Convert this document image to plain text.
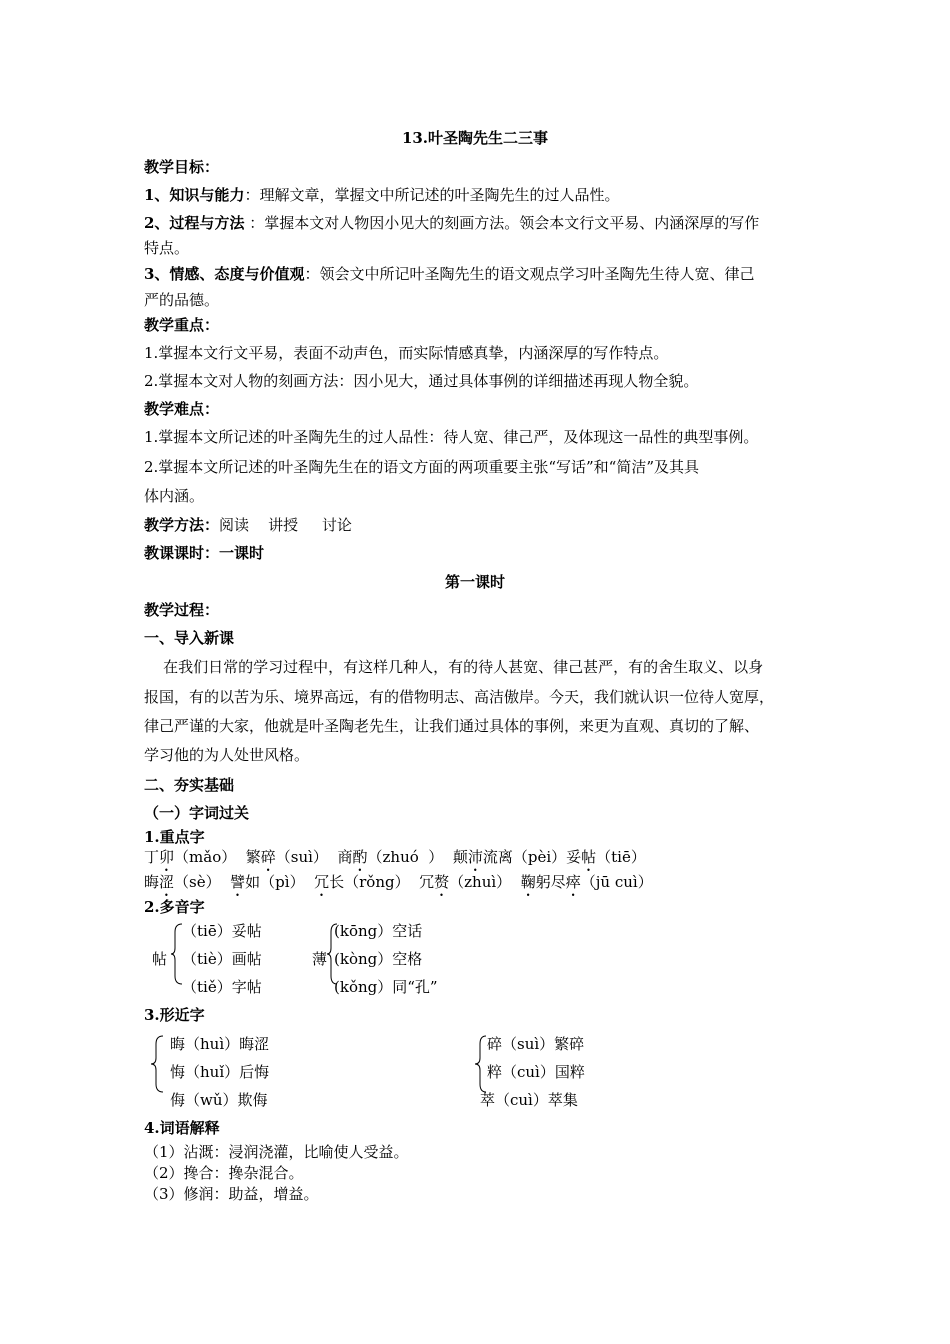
13.叶圣陶先生二三事
教学目标：
1、知识与能力：理解文章，掌握文中所记述的叶圣陶先生的过人品性。
2、过程与方法 ：掌握本文对人物因小见大的刻画方法。领会本文行文平易、内涵深厚的写作
特点。
3、情感、态度与价值观：领会文中所记叶圣陶先生的语文观点学习叶圣陶先生待人宽、律己
严的品德。
教学重点：
1.掌握本文行文平易，表面不动声色，而实际情感真挚，内涵深厚的写作特点。
2.掌握本文对人物的刻画方法：因小见大，通过具体事例的详细描述再现人物全貌。
教学难点：
1.掌握本文所记述的叶圣陶先生的过人品性：待人宽、律己严，及体现这一品性的典型事例。
2.掌握本文所记述的叶圣陶先生在的语文方面的两项重要主张“写话”和“简洁”及其具
体内涵。
教学方法：阅读    讲授     讨论
教课课时：一课时
第一课时
教学过程：
一、导入新课
在我们日常的学习过程中，有这样几种人，有的待人甚宽、律己甚严，有的舍生取义、以身
报国，有的以苦为乐、境界高远，有的借物明志、高洁傲岸。今天，我们就认识一位待人宽厚，
律己严谨的大家，他就是叶圣陶老先生，让我们通过具体的事例，来更为直观、真切的了解、
学习他的为人处世风格。
二、夯实基础
（一）字词过关
1.重点字
丁卯（mǎo）  繁碎（suì）  商酌（zhuó  ）  颠沛流离（pèi）妥帖（tiē）
晦涩（sè）  譬如（pì）  冗长（rǒng）  冗赘（zhuì）  鞠躬尽瘁（jū cuì）
2.多音字
帖
（tiē）妥帖
（tiè）画帖
（tiě）字帖
薄
(kōng）空话
(kòng）空格
(kǒng）同“孔”
3.形近字
晦（huì）晦涩
悔（huǐ）后悔
侮（wǔ）欺侮
碎（suì）繁碎
粹（cuì）国粹
萃（cuì）萃集
4.词语解释
（1）沾溉：浸润浇灌，比喻使人受益。
（2）搀合：搀杂混合。
（3）修润：助益，增益。
